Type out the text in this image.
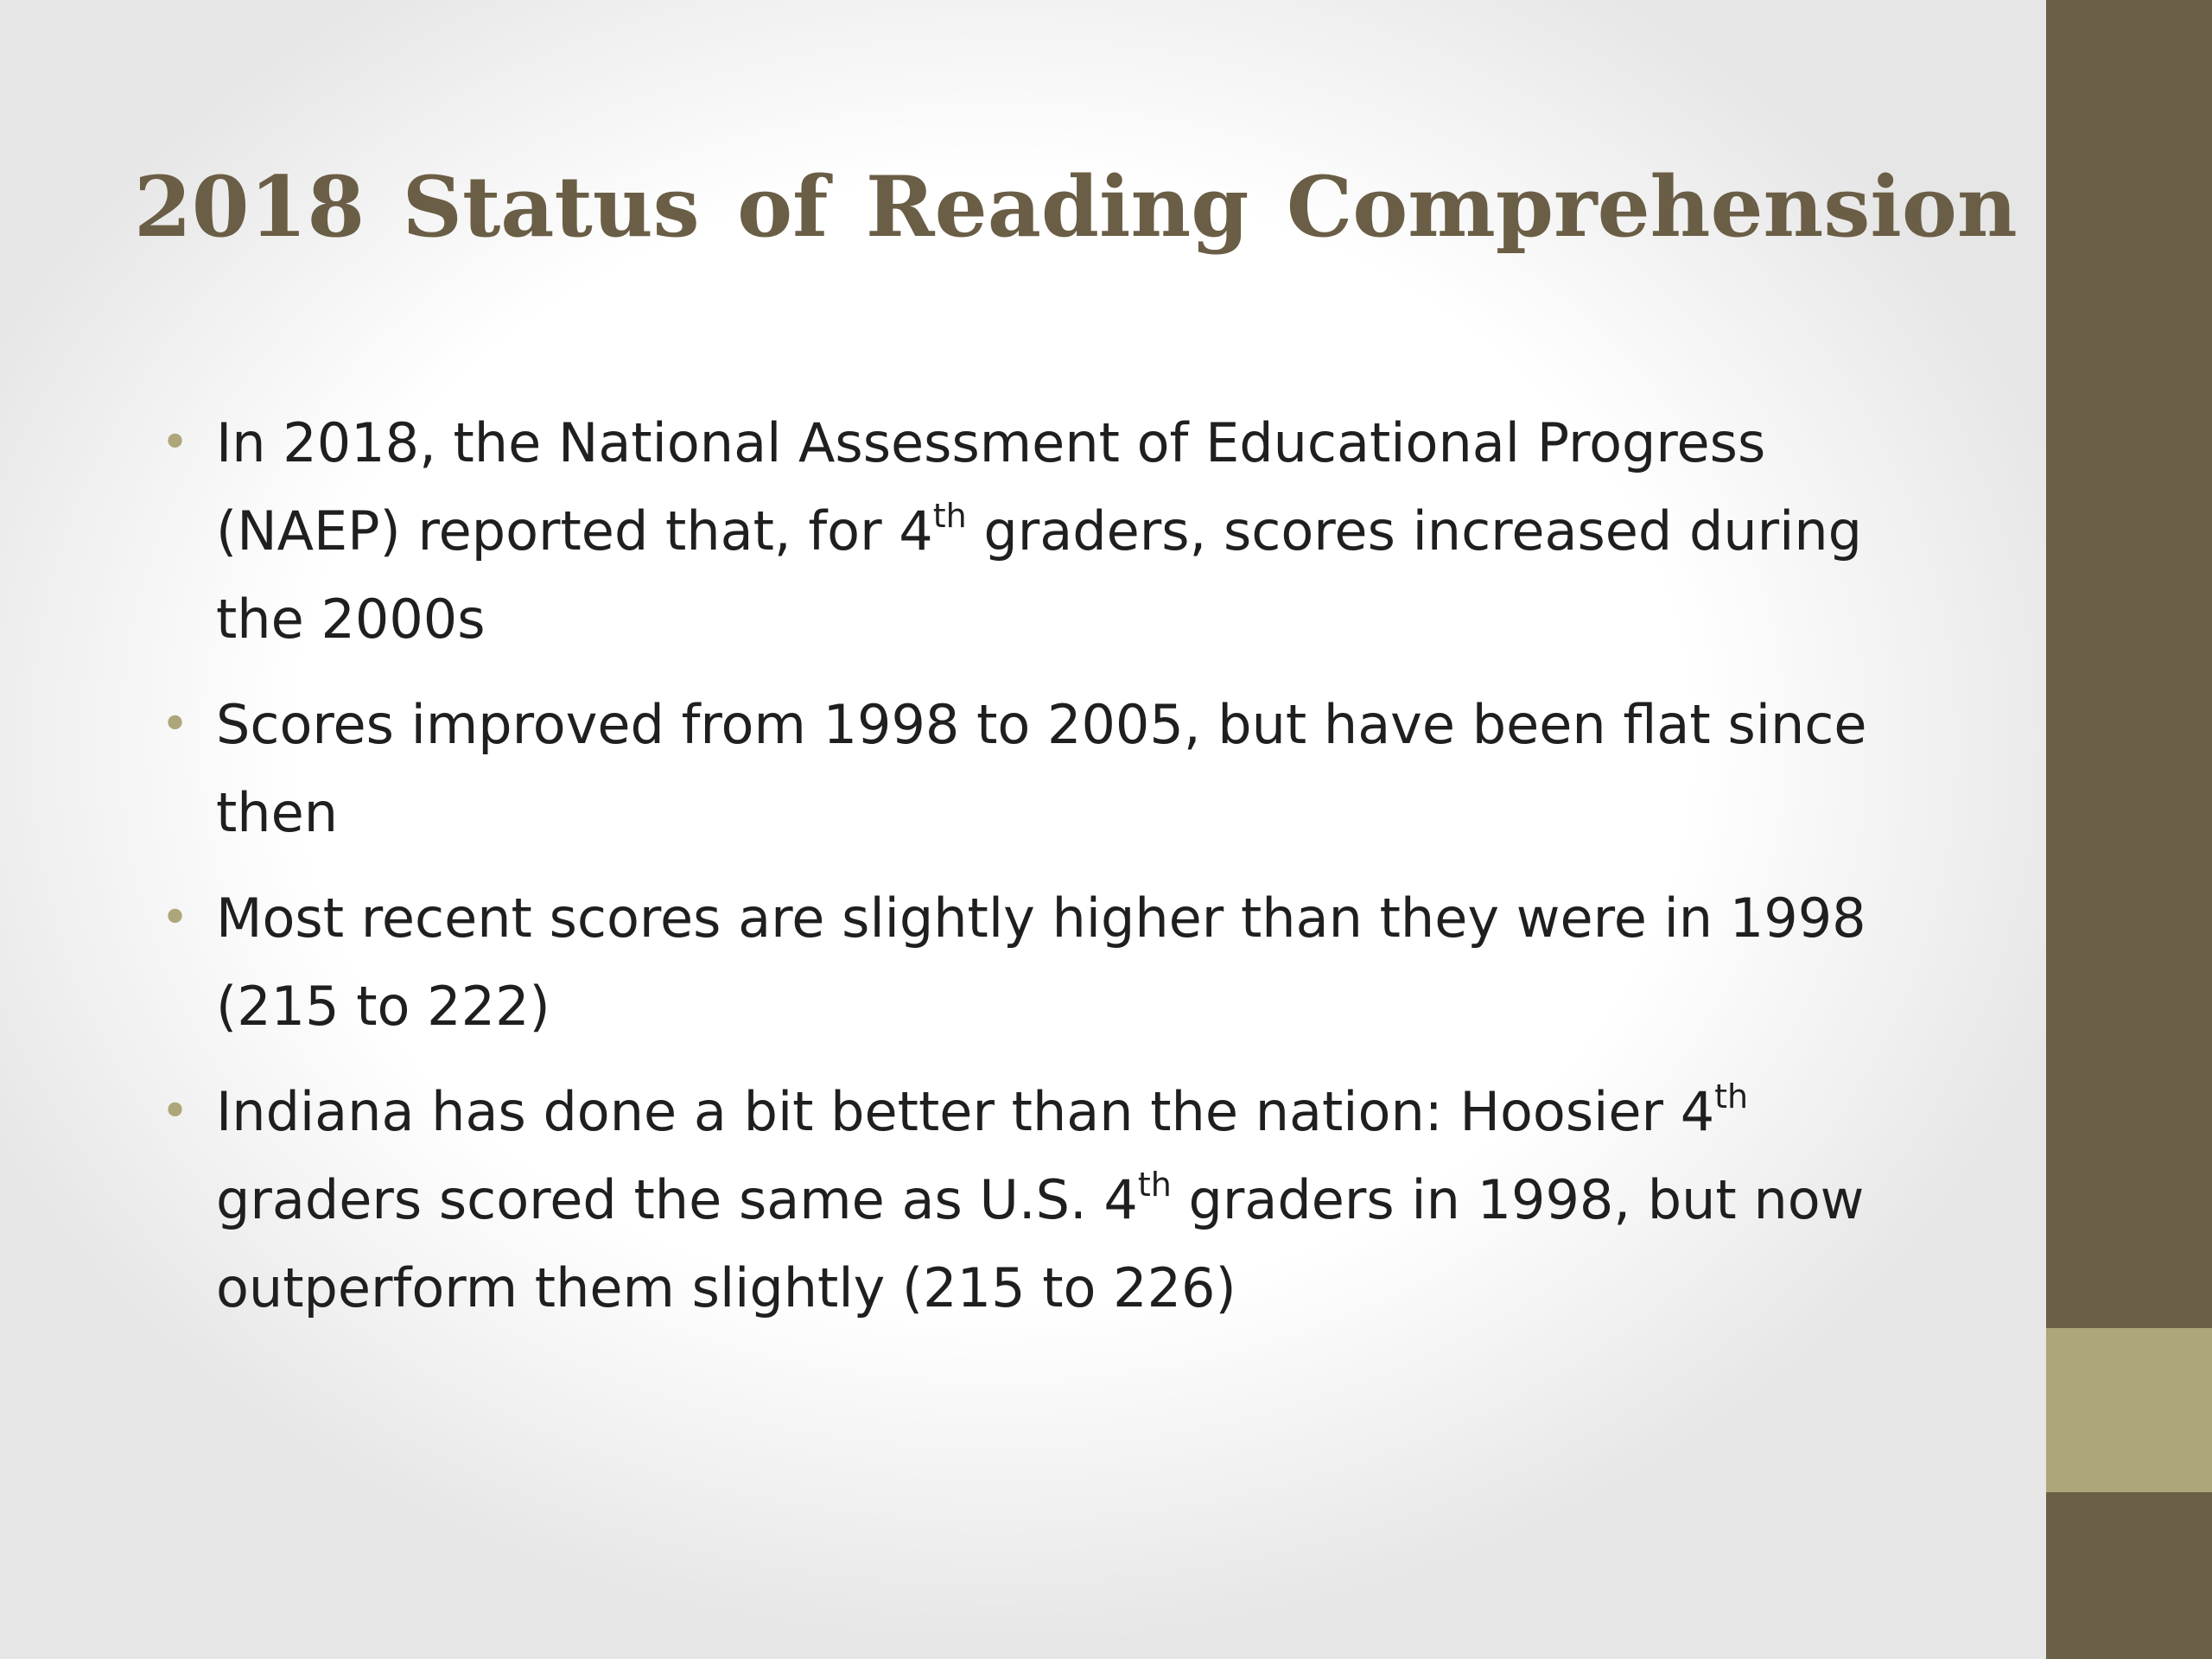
2018 Status of Reading Comprehension
• In 2018, the National Assessment of Educational Progress (NAEP) reported that, for 4th graders, scores increased during the 2000s
• Scores improved from 1998 to 2005, but have been flat since then
• Most recent scores are slightly higher than they were in 1998 (215 to 222)
• Indiana has done a bit better than the nation: Hoosier 4th graders scored the same as U.S. 4th graders in 1998, but now outperform them slightly (215 to 226)
